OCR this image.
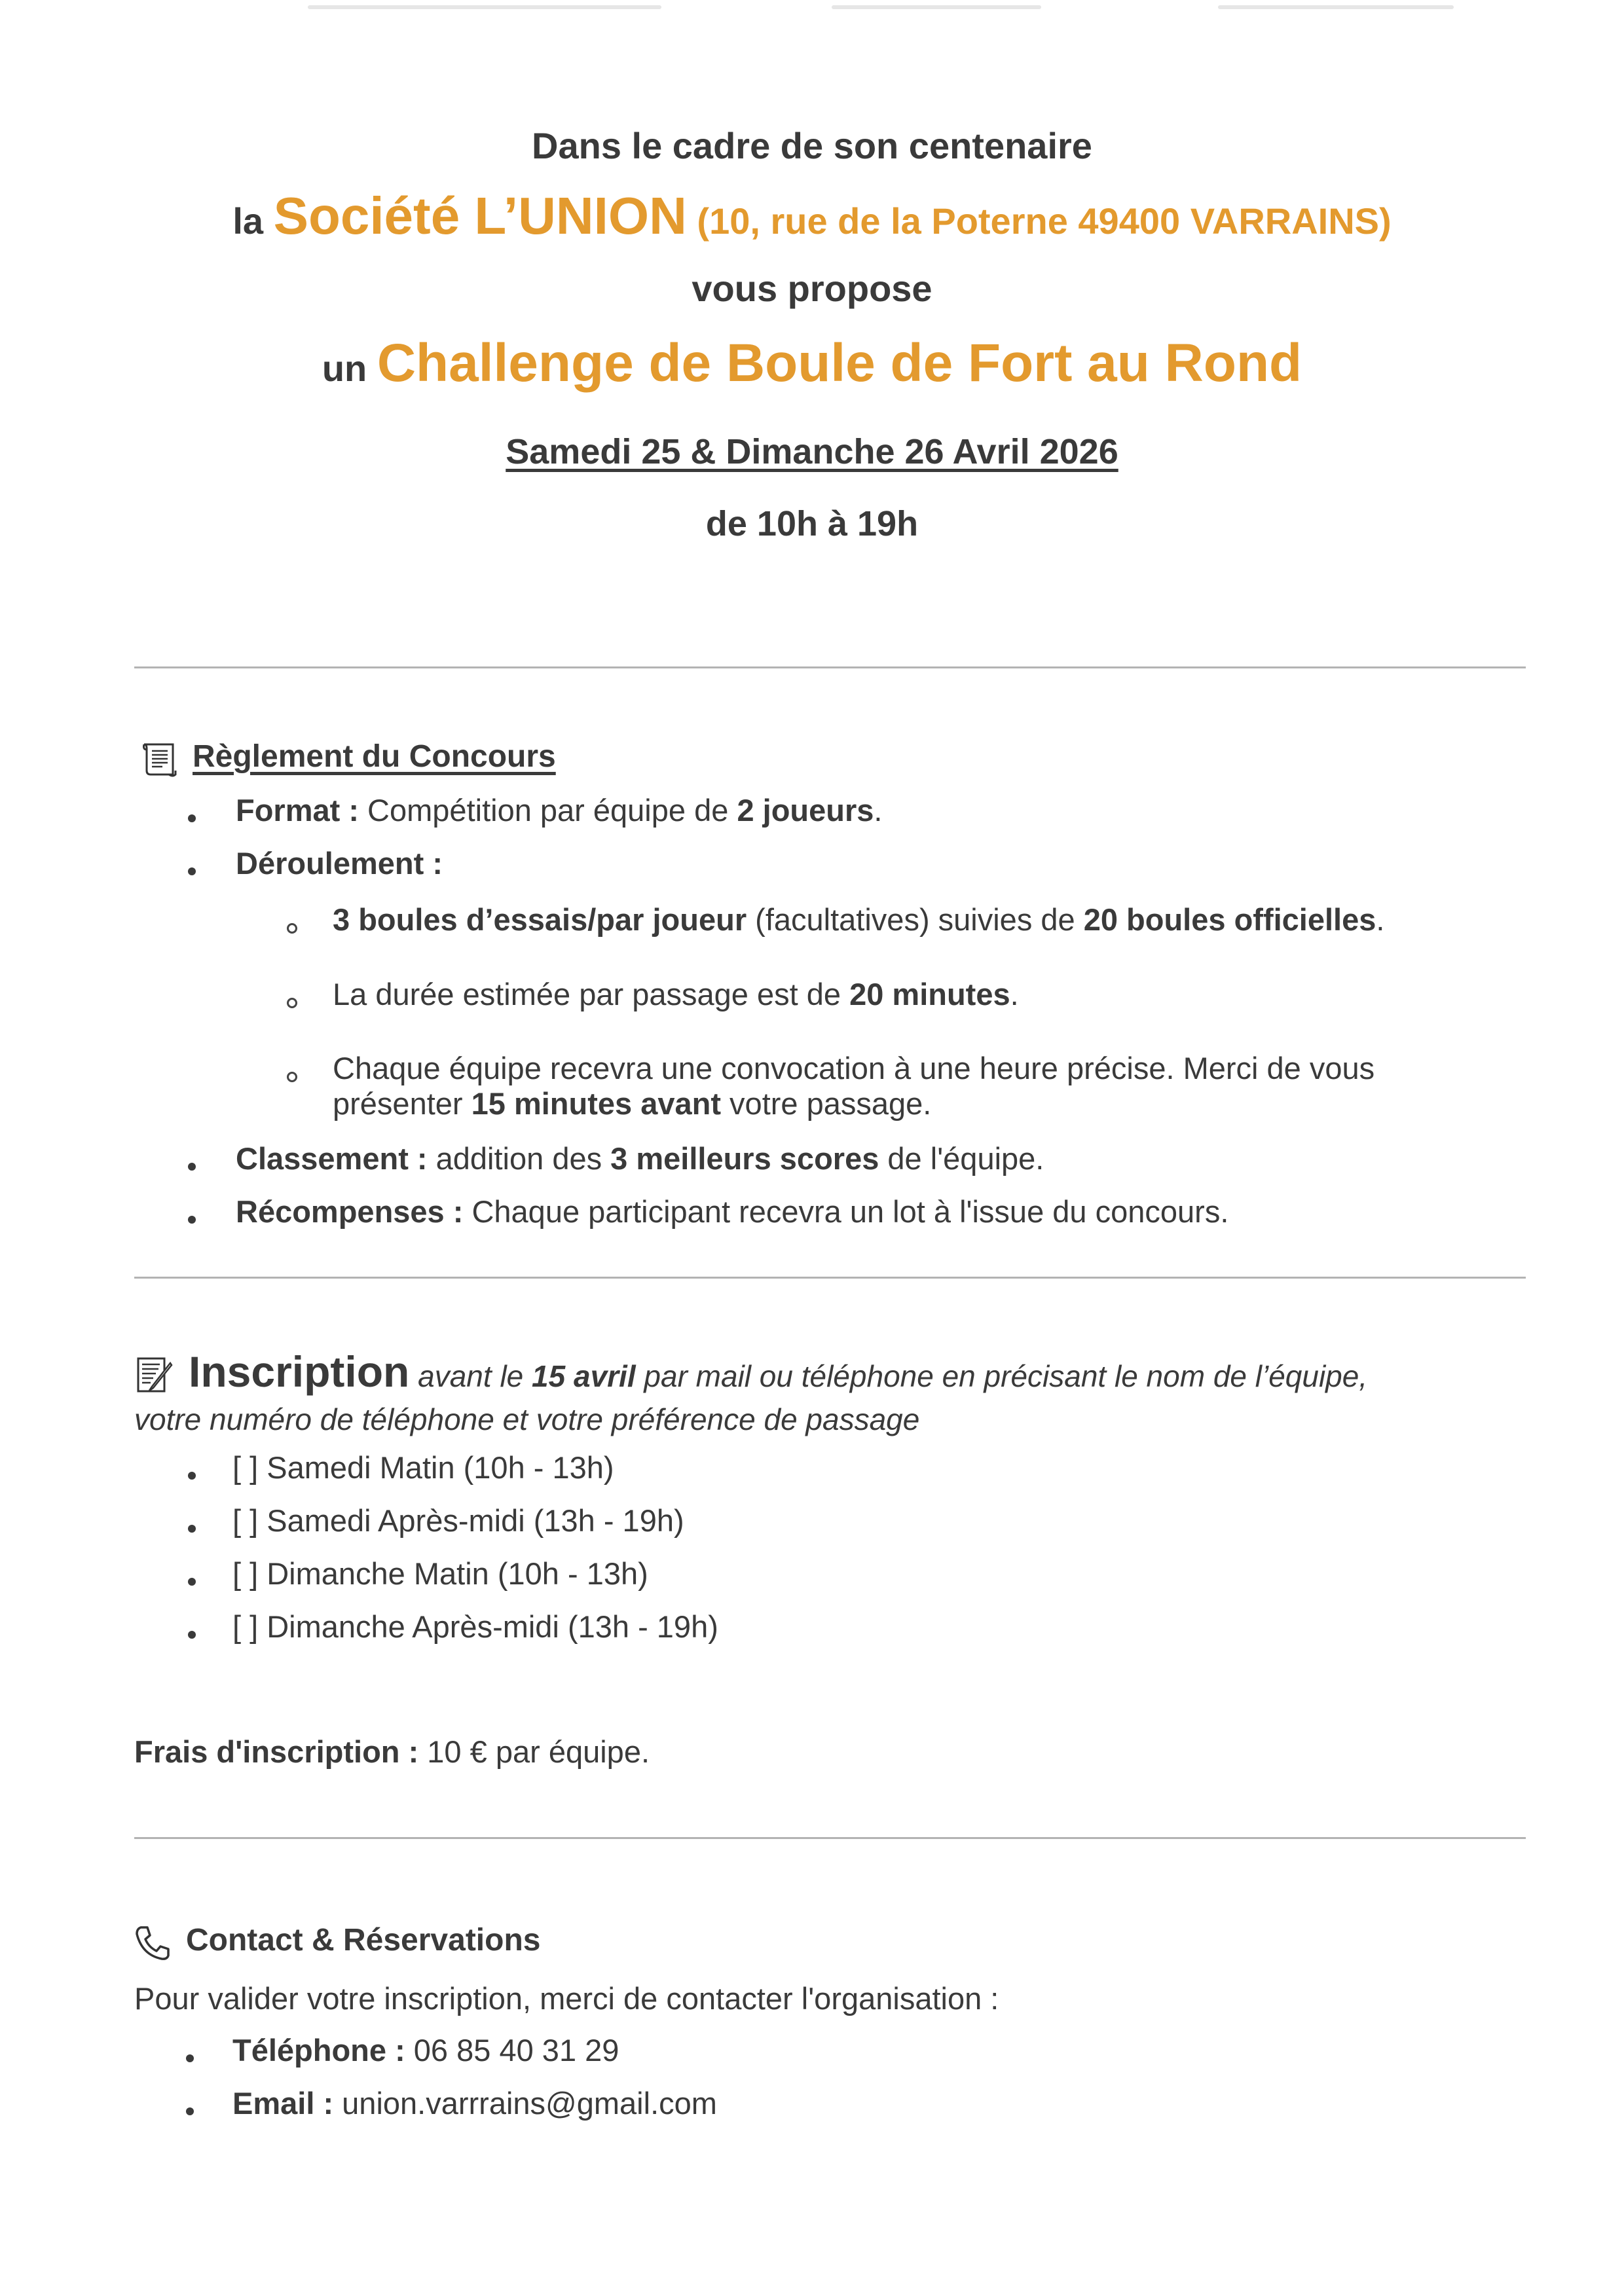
Dans le cadre de son centenaire
la Société L’UNION (10, rue de la Poterne 49400 VARRAINS)
vous propose
un Challenge de Boule de Fort au Rond
Samedi 25 & Dimanche 26 Avril 2026
de 10h à 19h
Règlement du Concours
Format : Compétition par équipe de 2 joueurs.
Déroulement :
3 boules d’essais/par joueur (facultatives) suivies de 20 boules officielles.
La durée estimée par passage est de 20 minutes.
Chaque équipe recevra une convocation à une heure précise. Merci de vous
présenter 15 minutes avant votre passage.
Classement : addition des 3 meilleurs scores de l'équipe.
Récompenses : Chaque participant recevra un lot à l'issue du concours.
Inscription avant le 15 avril par mail ou téléphone en précisant le nom de l’équipe,
votre numéro de téléphone et votre préférence de passage
[ ] Samedi Matin (10h - 13h)
[ ] Samedi Après-midi (13h - 19h)
[ ] Dimanche Matin (10h - 13h)
[ ] Dimanche Après-midi (13h - 19h)
Frais d'inscription : 10 € par équipe.
Contact & Réservations
Pour valider votre inscription, merci de contacter l'organisation :
Téléphone : 06 85 40 31 29
Email : union.varrrains@gmail.com
